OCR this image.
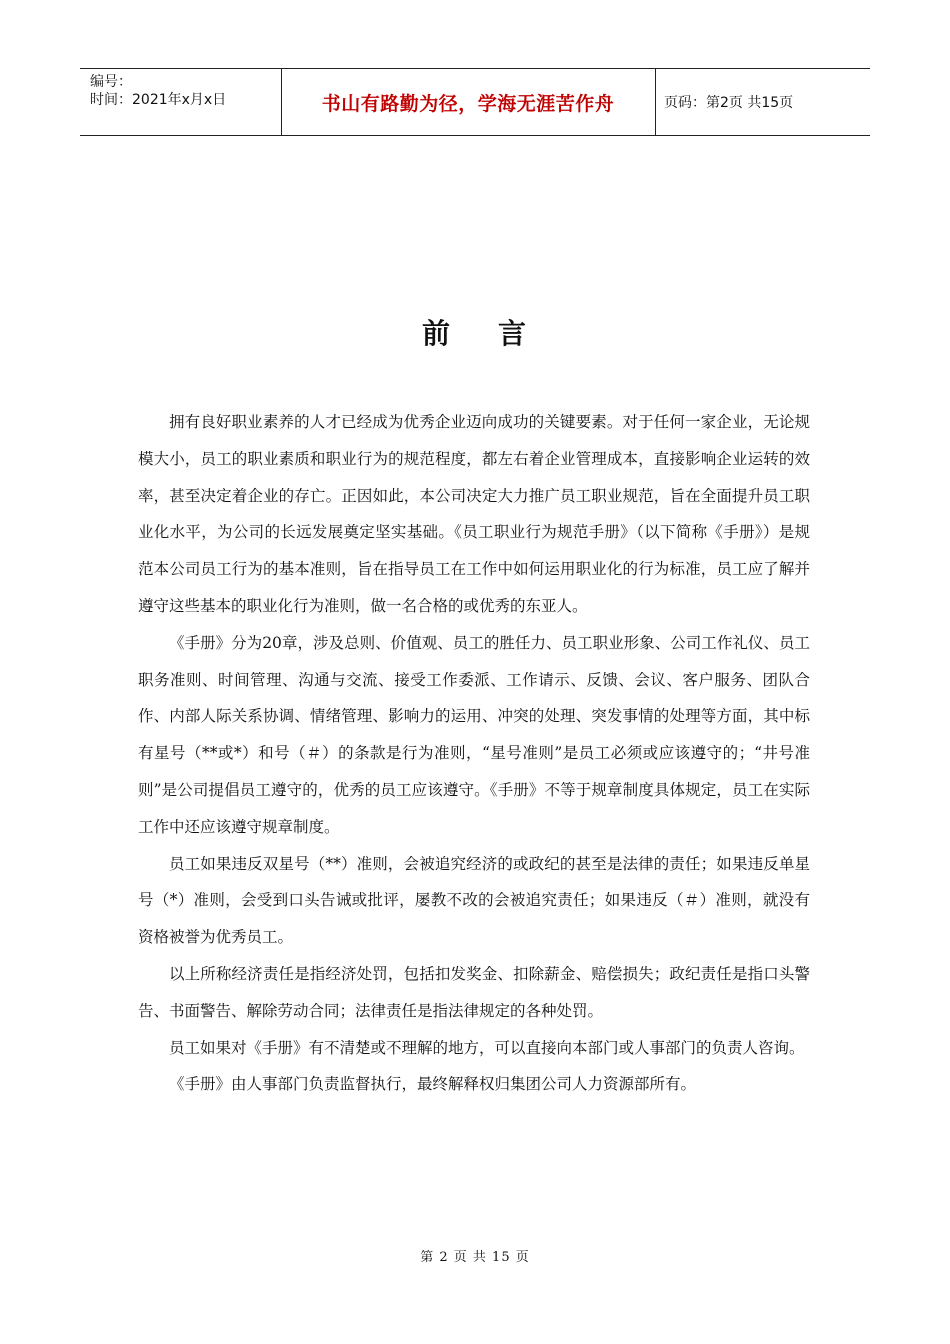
编号：
时间：2021年x月x日	书山有路勤为径，学海无涯苦作舟	页码：第2页 共15页
前 言

拥有良好职业素养的人才已经成为优秀企业迈向成功的关键要素。对于任何一家企业，无论规模大小，员工的职业素质和职业行为的规范程度，都左右着企业管理成本，直接影响企业运转的效率，甚至决定着企业的存亡。正因如此，本公司决定大力推广员工职业规范，旨在全面提升员工职业化水平，为公司的长远发展奠定坚实基础。《员工职业行为规范手册》（以下简称《手册》）是规范本公司员工行为的基本准则，旨在指导员工在工作中如何运用职业化的行为标准，员工应了解并遵守这些基本的职业化行为准则，做一名合格的或优秀的东亚人。

《手册》分为20章，涉及总则、价值观、员工的胜任力、员工职业形象、公司工作礼仪、员工职务准则、时间管理、沟通与交流、接受工作委派、工作请示、反馈、会议、客户服务、团队合作、内部人际关系协调、情绪管理、影响力的运用、冲突的处理、突发事情的处理等方面，其中标有星号（**或*）和号（＃）的条款是行为准则，“星号准则”是员工必须或应该遵守的；“井号准则”是公司提倡员工遵守的，优秀的员工应该遵守。《手册》不等于规章制度具体规定，员工在实际工作中还应该遵守规章制度。

员工如果违反双星号（**）准则，会被追究经济的或政纪的甚至是法律的责任；如果违反单星号（*）准则，会受到口头告诫或批评，屡教不改的会被追究责任；如果违反（＃）准则，就没有资格被誉为优秀员工。

以上所称经济责任是指经济处罚，包括扣发奖金、扣除薪金、赔偿损失；政纪责任是指口头警告、书面警告、解除劳动合同；法律责任是指法律规定的各种处罚。

员工如果对《手册》有不清楚或不理解的地方，可以直接向本部门或人事部门的负责人咨询。

《手册》由人事部门负责监督执行，最终解释权归集团公司人力资源部所有。

第 2 页 共 15 页
